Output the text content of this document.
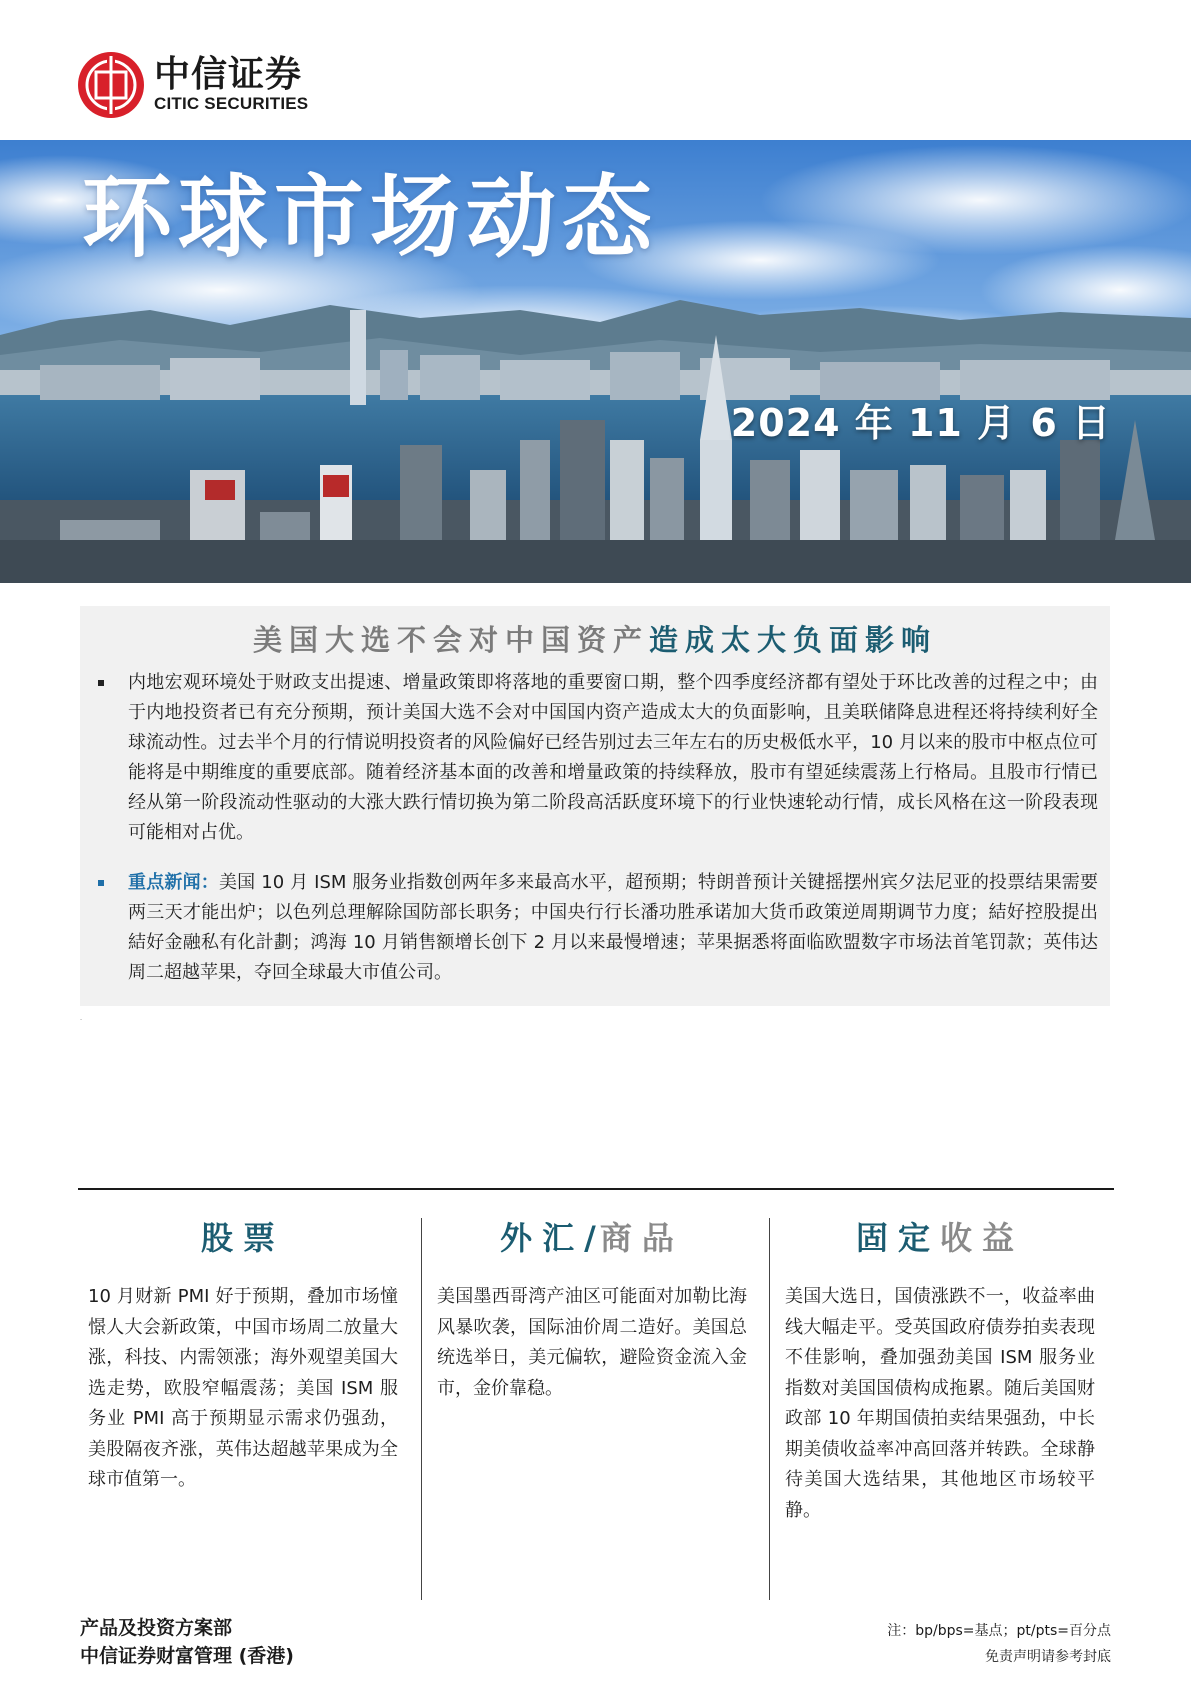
中信证券
CITIC SECURITIES
环球市场动态
2024 年 11 月 6 日
美国大选不会对中国资产造成太大负面影响
内地宏观环境处于财政支出提速、增量政策即将落地的重要窗口期，整个四季度经济都有望处于环比改善的过程之中；由于内地投资者已有充分预期，预计美国大选不会对中国国内资产造成太大的负面影响，且美联储降息进程还将持续利好全球流动性。过去半个月的行情说明投资者的风险偏好已经告别过去三年左右的历史极低水平，10 月以来的股市中枢点位可能将是中期维度的重要底部。随着经济基本面的改善和增量政策的持续释放，股市有望延续震荡上行格局。且股市行情已经从第一阶段流动性驱动的大涨大跌行情切换为第二阶段高活跃度环境下的行业快速轮动行情，成长风格在这一阶段表现可能相对占优。
重点新闻：美国 10 月 ISM 服务业指数创两年多来最高水平，超预期；特朗普预计关键摇摆州宾夕法尼亚的投票结果需要两三天才能出炉；以色列总理解除国防部长职务；中国央行行长潘功胜承诺加大货币政策逆周期调节力度；結好控股提出結好金融私有化計劃；鸿海 10 月销售额增长创下 2 月以来最慢增速；苹果据悉将面临欧盟数字市场法首笔罚款；英伟达周二超越苹果，夺回全球最大市值公司。
-
股票
10 月财新 PMI 好于预期，叠加市场憧憬人大会新政策，中国市场周二放量大涨，科技、内需领涨；海外观望美国大选走势，欧股窄幅震荡；美国 ISM 服务业 PMI 高于预期显示需求仍强劲，美股隔夜齐涨，英伟达超越苹果成为全球市值第一。
外汇/商品
美国墨西哥湾产油区可能面对加勒比海风暴吹袭，国际油价周二造好。美国总统选举日，美元偏软，避险资金流入金市，金价靠稳。
固定收益
美国大选日，国债涨跌不一，收益率曲线大幅走平。受英国政府债券拍卖表现不佳影响，叠加强劲美国 ISM 服务业指数对美国国债构成拖累。随后美国财政部 10 年期国债拍卖结果强劲，中长期美债收益率冲高回落并转跌。全球静待美国大选结果，其他地区市场较平静。
产品及投资方案部
中信证券财富管理 (香港)
注：bp/bps=基点；pt/pts=百分点
免责声明请参考封底
